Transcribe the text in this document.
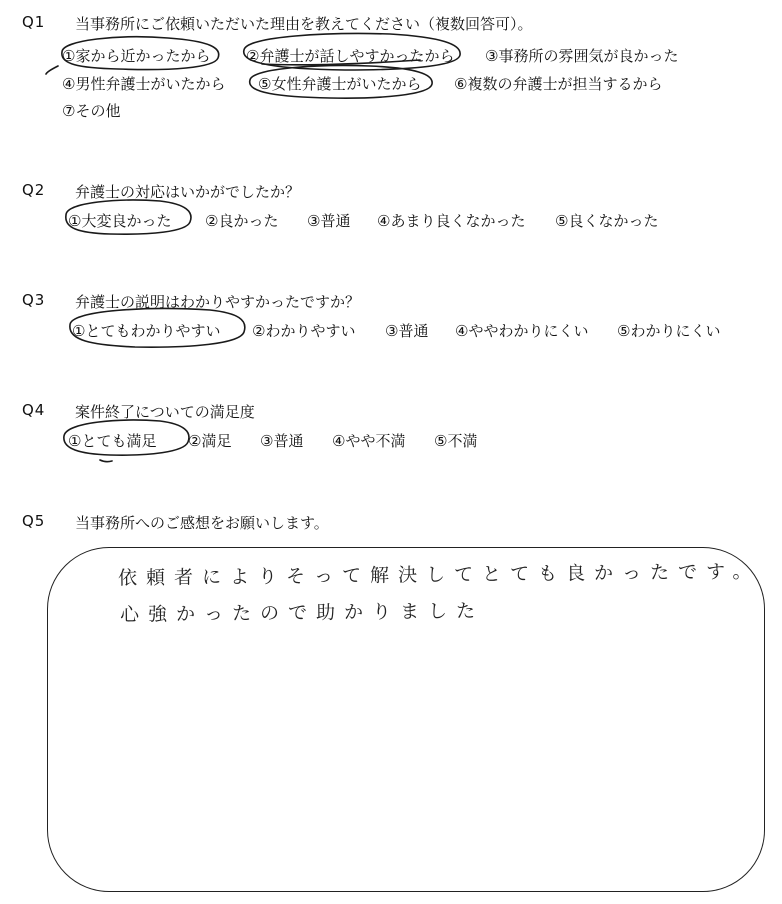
Q1 当事務所にご依頼いただいた理由を教えてください（複数回答可）。
①家から近かったから ②弁護士が話しやすかったから ③事務所の雰囲気が良かった
④男性弁護士がいたから ⑤女性弁護士がいたから ⑥複数の弁護士が担当するから
⑦その他
Q2 弁護士の対応はいかがでしたか？
①大変良かった ②良かった ③普通 ④あまり良くなかった ⑤良くなかった
Q3 弁護士の説明はわかりやすかったですか？
①とてもわかりやすい ②わかりやすい ③普通 ④ややわかりにくい ⑤わかりにくい
Q4 案件終了についての満足度
①とても満足 ②満足 ③普通 ④やや不満 ⑤不満
Q5 当事務所へのご感想をお願いします。
依頼者によりそって解決してとても良かったです。
心強かったので助かりました
